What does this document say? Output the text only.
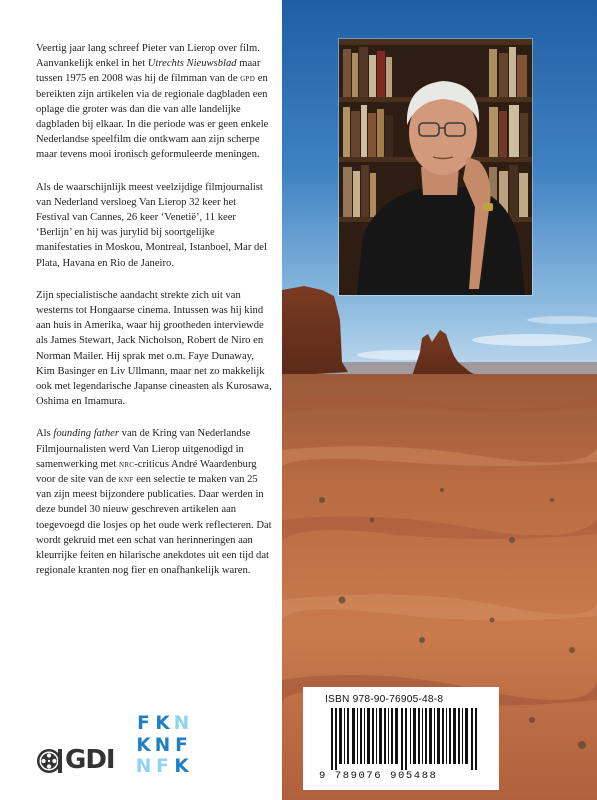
Veertig jaar lang schreef Pieter van Lierop over film. Aanvankelijk enkel in het Utrechts Nieuwsblad maar tussen 1975 en 2008 was hij de filmman van de gpd en bereikten zijn artikelen via de regionale dagbladen een oplage die groter was dan die van alle landelijke dagbladen bij elkaar. In die periode was er geen enkele Nederlandse speelfilm die ontkwam aan zijn scherpe maar tevens mooi ironisch geformuleerde meningen.

Als de waarschijnlijk meest veelzijdige filmjournalist van Nederland versloeg Van Lierop 32 keer het Festival van Cannes, 26 keer ‘Venetië’, 11 keer ‘Berlijn’ en hij was jurylid bij soortgelijke manifestaties in Moskou, Montreal, Istanboel, Mar del Plata, Havana en Rio de Janeiro.

Zijn specialistische aandacht strekte zich uit van westerns tot Hongaarse cinema. Intussen was hij kind aan huis in Amerika, waar hij grootheden interviewde als James Stewart, Jack Nicholson, Robert de Niro en Norman Mailer. Hij sprak met o.m. Faye Dunaway, Kim Basinger en Liv Ullmann, maar net zo makkelijk ook met legendarische Japanse cineasten als Kurosawa, Oshima en Imamura.

Als founding father van de Kring van Nederlandse Filmjournalisten werd Van Lierop uitgenodigd in samenwerking met nrc-criticus André Waardenburg voor de site van de knf een selectie te maken van 25 van zijn meest bijzondere publicaties. Daar werden in deze bundel 30 nieuw geschreven artikelen aan toegevoegd die losjes op het oude werk reflecteren. Dat wordt gekruid met een schat van herinneringen aan kleurrijke feiten en hilarische anekdotes uit een tijd dat regionale kranten nog fier en onafhankelijk waren.

GDI
F K N
K N F
N F K
ISBN 978-90-76905-48-8
9 789076 905488
